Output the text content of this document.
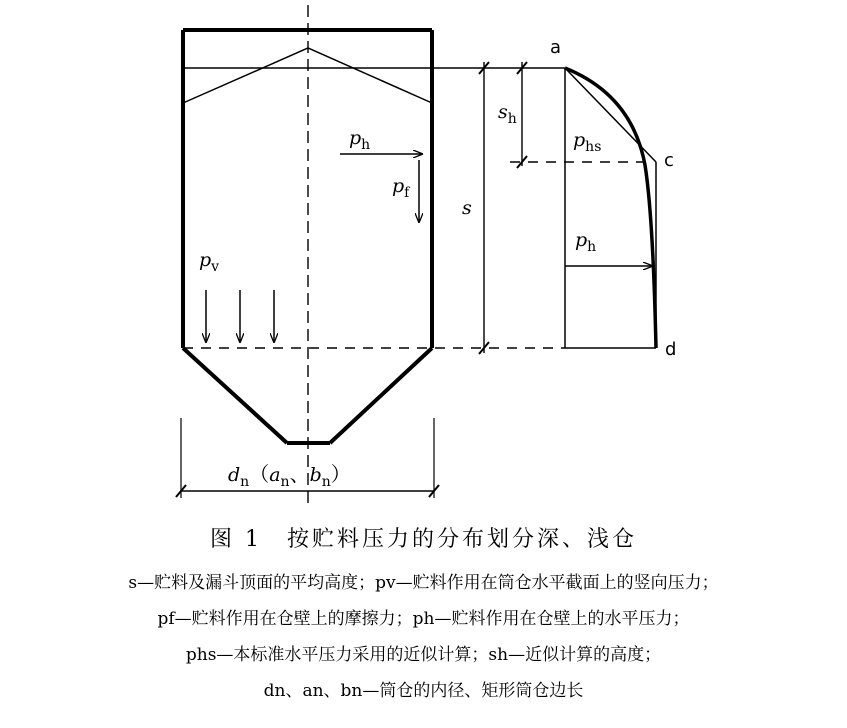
ph
pf
pv
s
sh
phs
ph
a
c
d
dn（an、bn）
图 1　按贮料压力的分布划分深、浅仓
s—贮料及漏斗顶面的平均高度；pv—贮料作用在筒仓水平截面上的竖向压力；
pf—贮料作用在仓壁上的摩擦力；ph—贮料作用在仓壁上的水平压力；
phs—本标准水平压力采用的近似计算；sh—近似计算的高度；
dn、an、bn—筒仓的内径、矩形筒仓边长
